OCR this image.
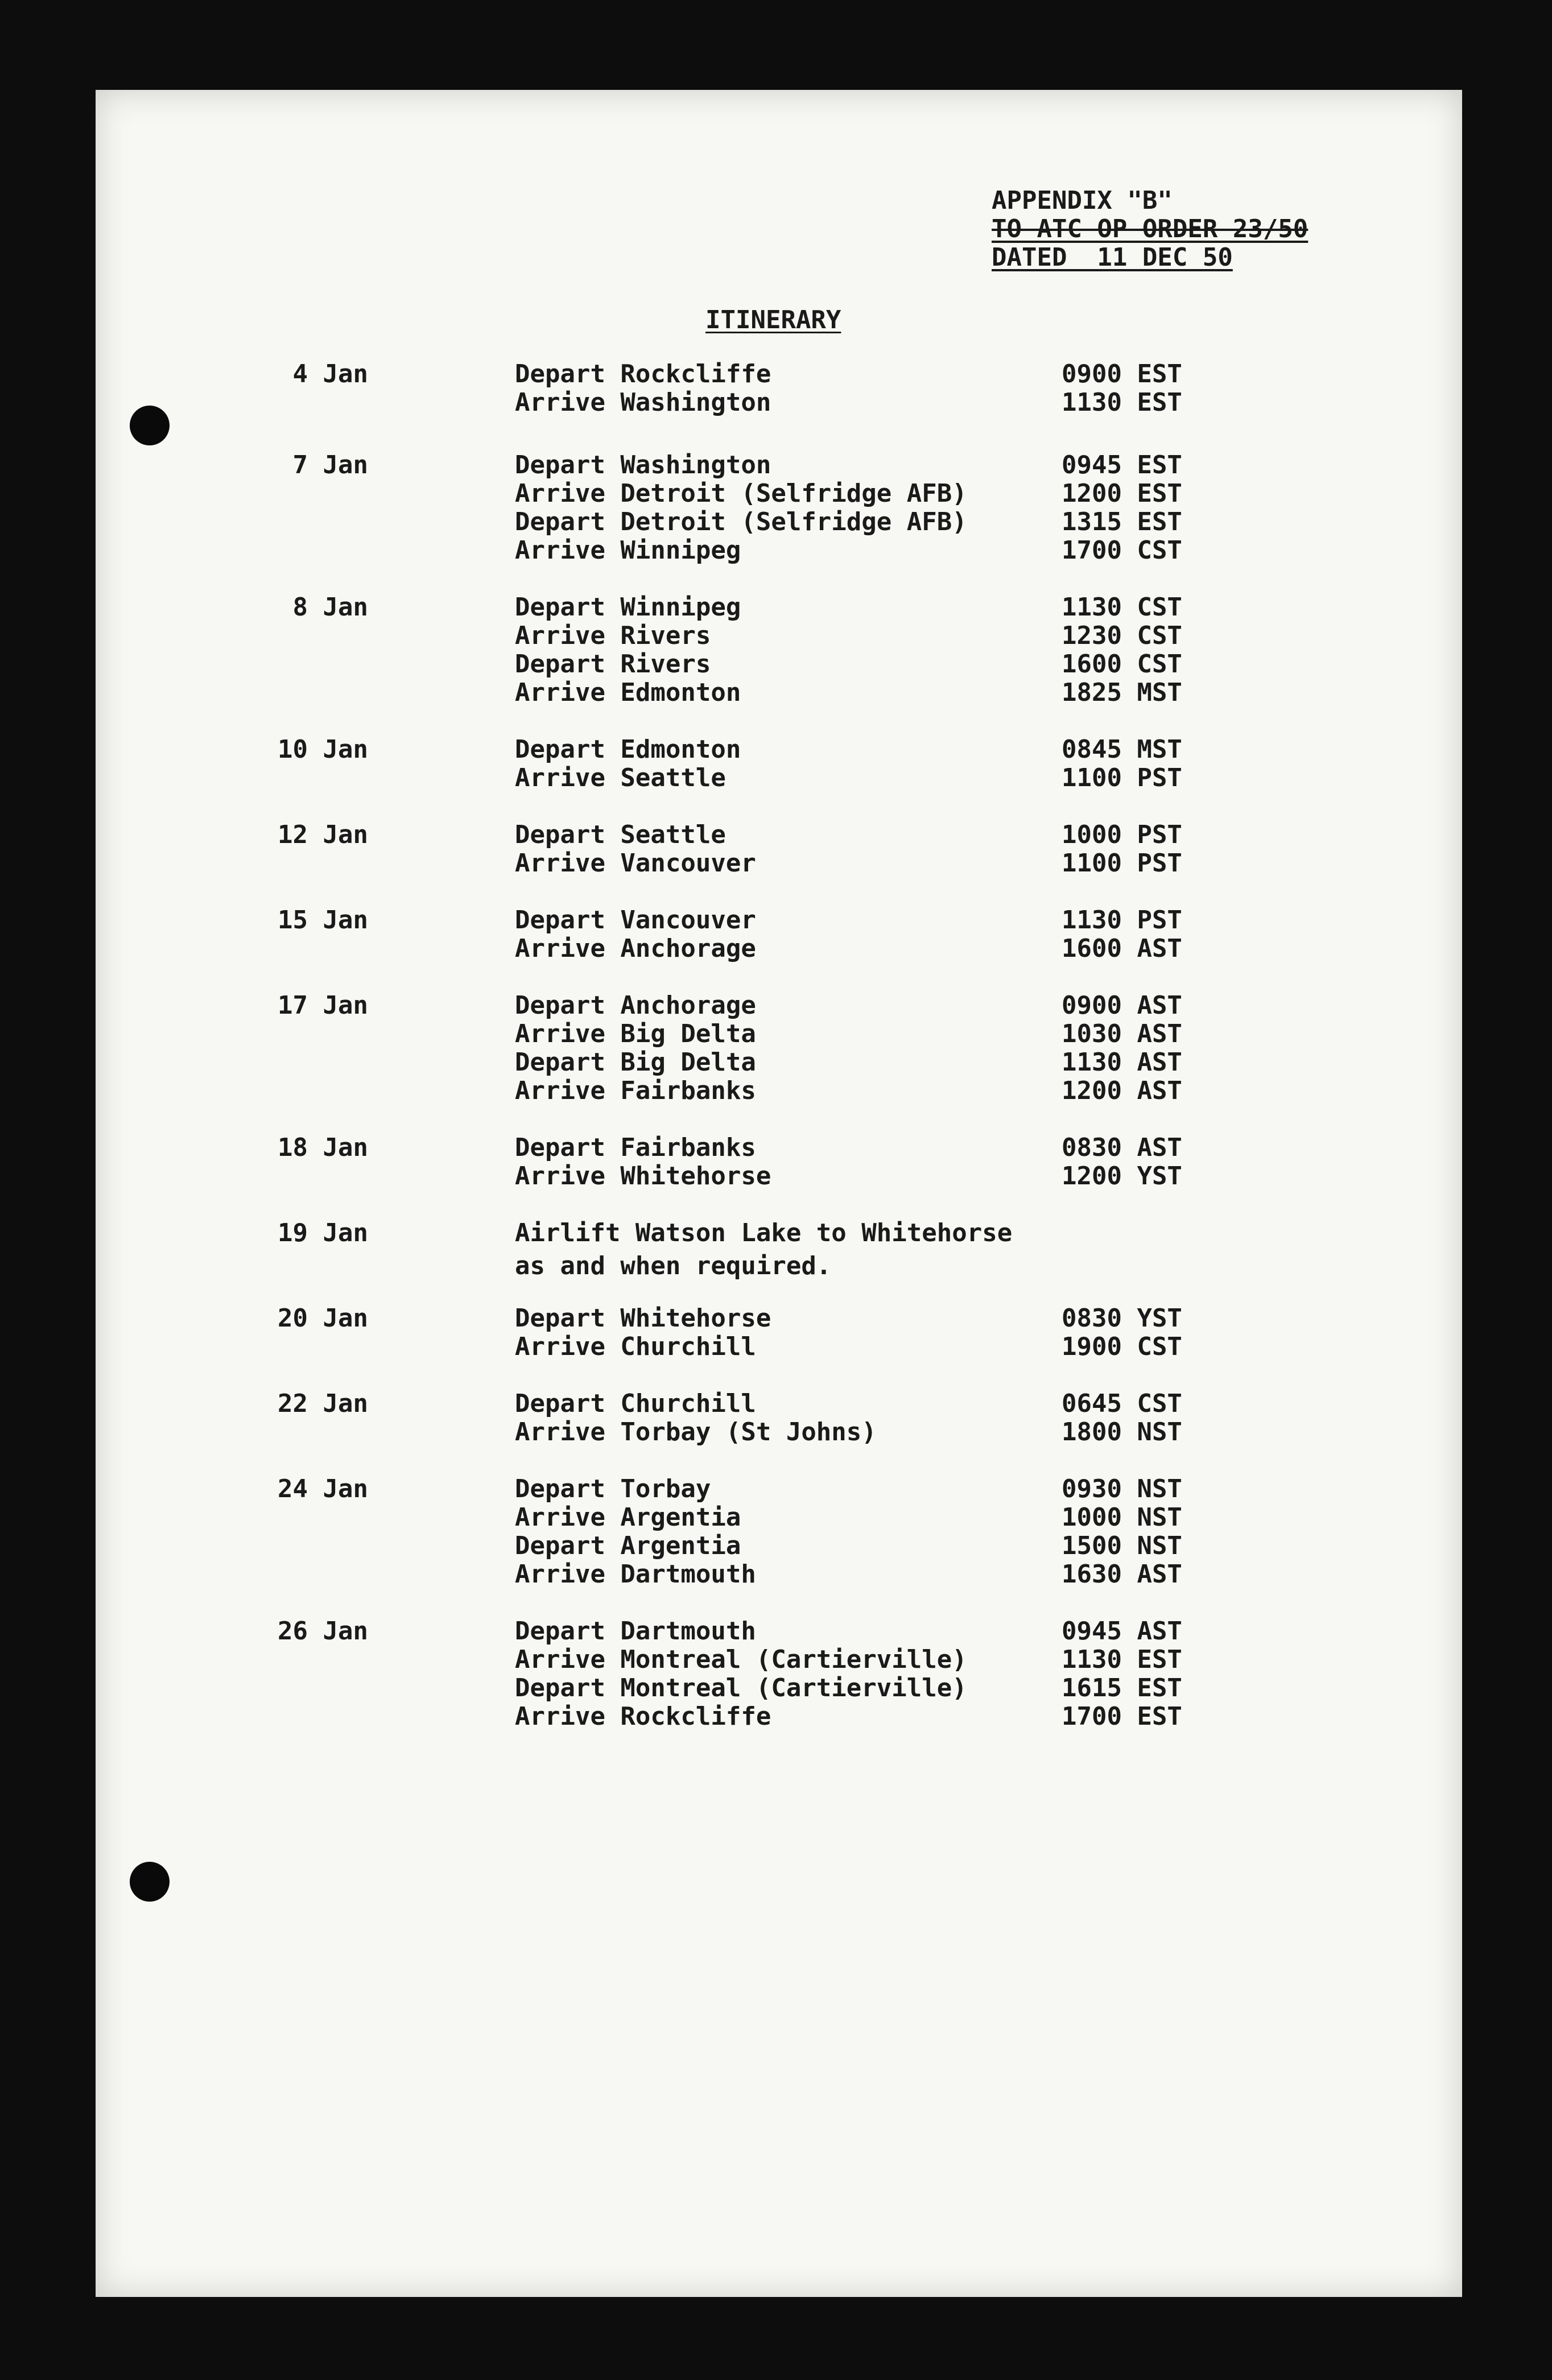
APPENDIX "B"
TO ATC OP ORDER 23/50
DATED  11 DEC 50
ITINERARY
4 Jan	Depart Rockcliffe	0900 EST
Arrive Washington	1130 EST
7 Jan	Depart Washington	0945 EST
Arrive Detroit (Selfridge AFB)	1200 EST
Depart Detroit (Selfridge AFB)	1315 EST
Arrive Winnipeg	1700 CST
8 Jan	Depart Winnipeg	1130 CST
Arrive Rivers	1230 CST
Depart Rivers	1600 CST
Arrive Edmonton	1825 MST
10 Jan	Depart Edmonton	0845 MST
Arrive Seattle	1100 PST
12 Jan	Depart Seattle	1000 PST
Arrive Vancouver	1100 PST
15 Jan	Depart Vancouver	1130 PST
Arrive Anchorage	1600 AST
17 Jan	Depart Anchorage	0900 AST
Arrive Big Delta	1030 AST
Depart Big Delta	1130 AST
Arrive Fairbanks	1200 AST
18 Jan	Depart Fairbanks	0830 AST
Arrive Whitehorse	1200 YST
19 Jan	Airlift Watson Lake to Whitehorse
as and when required.
20 Jan	Depart Whitehorse	0830 YST
Arrive Churchill	1900 CST
22 Jan	Depart Churchill	0645 CST
Arrive Torbay (St Johns)	1800 NST
24 Jan	Depart Torbay	0930 NST
Arrive Argentia	1000 NST
Depart Argentia	1500 NST
Arrive Dartmouth	1630 AST
26 Jan	Depart Dartmouth	0945 AST
Arrive Montreal (Cartierville)	1130 EST
Depart Montreal (Cartierville)	1615 EST
Arrive Rockcliffe	1700 EST
